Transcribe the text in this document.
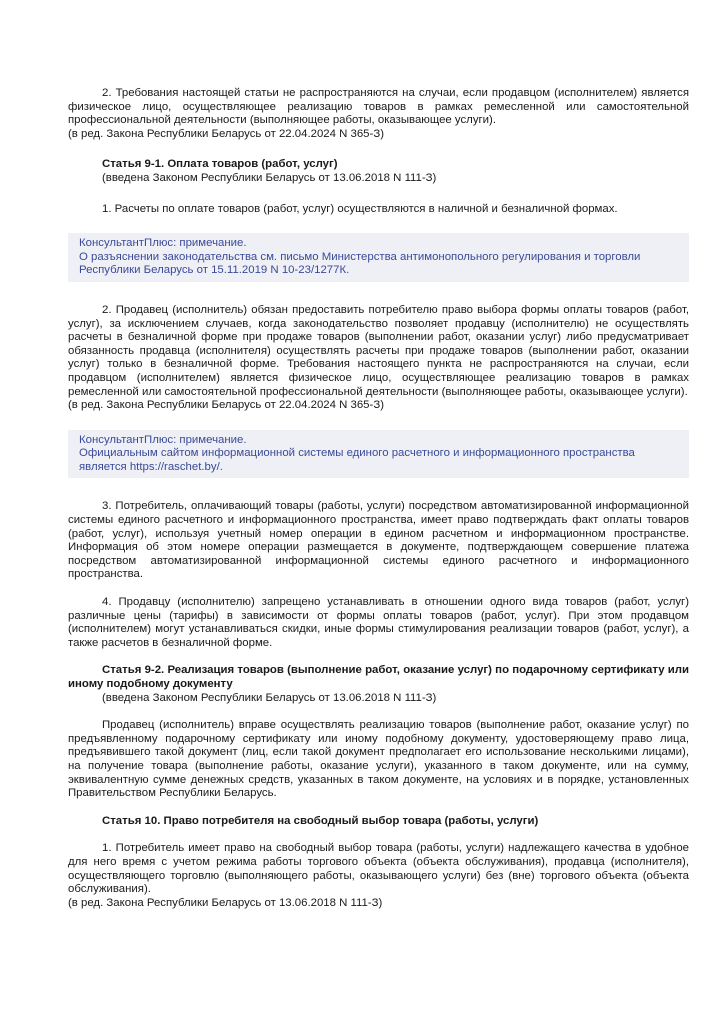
2. Требования настоящей статьи не распространяются на случаи, если продавцом (исполнителем) является физическое лицо, осуществляющее реализацию товаров в рамках ремесленной или самостоятельной профессиональной деятельности (выполняющее работы, оказывающее услуги).

(в ред. Закона Республики Беларусь от 22.04.2024 N 365-З)

Статья 9-1. Оплата товаров (работ, услуг)

(введена Законом Республики Беларусь от 13.06.2018 N 111-З)

1. Расчеты по оплате товаров (работ, услуг) осуществляются в наличной и безналичной формах.

КонсультантПлюс: примечание.

О разъяснении законодательства см. письмо Министерства антимонопольного регулирования и торговли Республики Беларусь от 15.11.2019 N 10-23/1277К.

2. Продавец (исполнитель) обязан предоставить потребителю право выбора формы оплаты товаров (работ, услуг), за исключением случаев, когда законодательство позволяет продавцу (исполнителю) не осуществлять расчеты в безналичной форме при продаже товаров (выполнении работ, оказании услуг) либо предусматривает обязанность продавца (исполнителя) осуществлять расчеты при продаже товаров (выполнении работ, оказании услуг) только в безналичной форме. Требования настоящего пункта не распространяются на случаи, если продавцом (исполнителем) является физическое лицо, осуществляющее реализацию товаров в рамках ремесленной или самостоятельной профессиональной деятельности (выполняющее работы, оказывающее услуги).

(в ред. Закона Республики Беларусь от 22.04.2024 N 365-З)

КонсультантПлюс: примечание.

Официальным сайтом информационной системы единого расчетного и информационного пространства является https://raschet.by/.

3. Потребитель, оплачивающий товары (работы, услуги) посредством автоматизированной информационной системы единого расчетного и информационного пространства, имеет право подтверждать факт оплаты товаров (работ, услуг), используя учетный номер операции в едином расчетном и информационном пространстве. Информация об этом номере операции размещается в документе, подтверждающем совершение платежа посредством автоматизированной информационной системы единого расчетного и информационного пространства.

4. Продавцу (исполнителю) запрещено устанавливать в отношении одного вида товаров (работ, услуг) различные цены (тарифы) в зависимости от формы оплаты товаров (работ, услуг). При этом продавцом (исполнителем) могут устанавливаться скидки, иные формы стимулирования реализации товаров (работ, услуг), а также расчетов в безналичной форме.

Статья 9-2. Реализация товаров (выполнение работ, оказание услуг) по подарочному сертификату или иному подобному документу

(введена Законом Республики Беларусь от 13.06.2018 N 111-З)

Продавец (исполнитель) вправе осуществлять реализацию товаров (выполнение работ, оказание услуг) по предъявленному подарочному сертификату или иному подобному документу, удостоверяющему право лица, предъявившего такой документ (лиц, если такой документ предполагает его использование несколькими лицами), на получение товара (выполнение работы, оказание услуги), указанного в таком документе, или на сумму, эквивалентную сумме денежных средств, указанных в таком документе, на условиях и в порядке, установленных Правительством Республики Беларусь.

Статья 10. Право потребителя на свободный выбор товара (работы, услуги)

1. Потребитель имеет право на свободный выбор товара (работы, услуги) надлежащего качества в удобное для него время с учетом режима работы торгового объекта (объекта обслуживания), продавца (исполнителя), осуществляющего торговлю (выполняющего работы, оказывающего услуги) без (вне) торгового объекта (объекта обслуживания).

(в ред. Закона Республики Беларусь от 13.06.2018 N 111-З)
